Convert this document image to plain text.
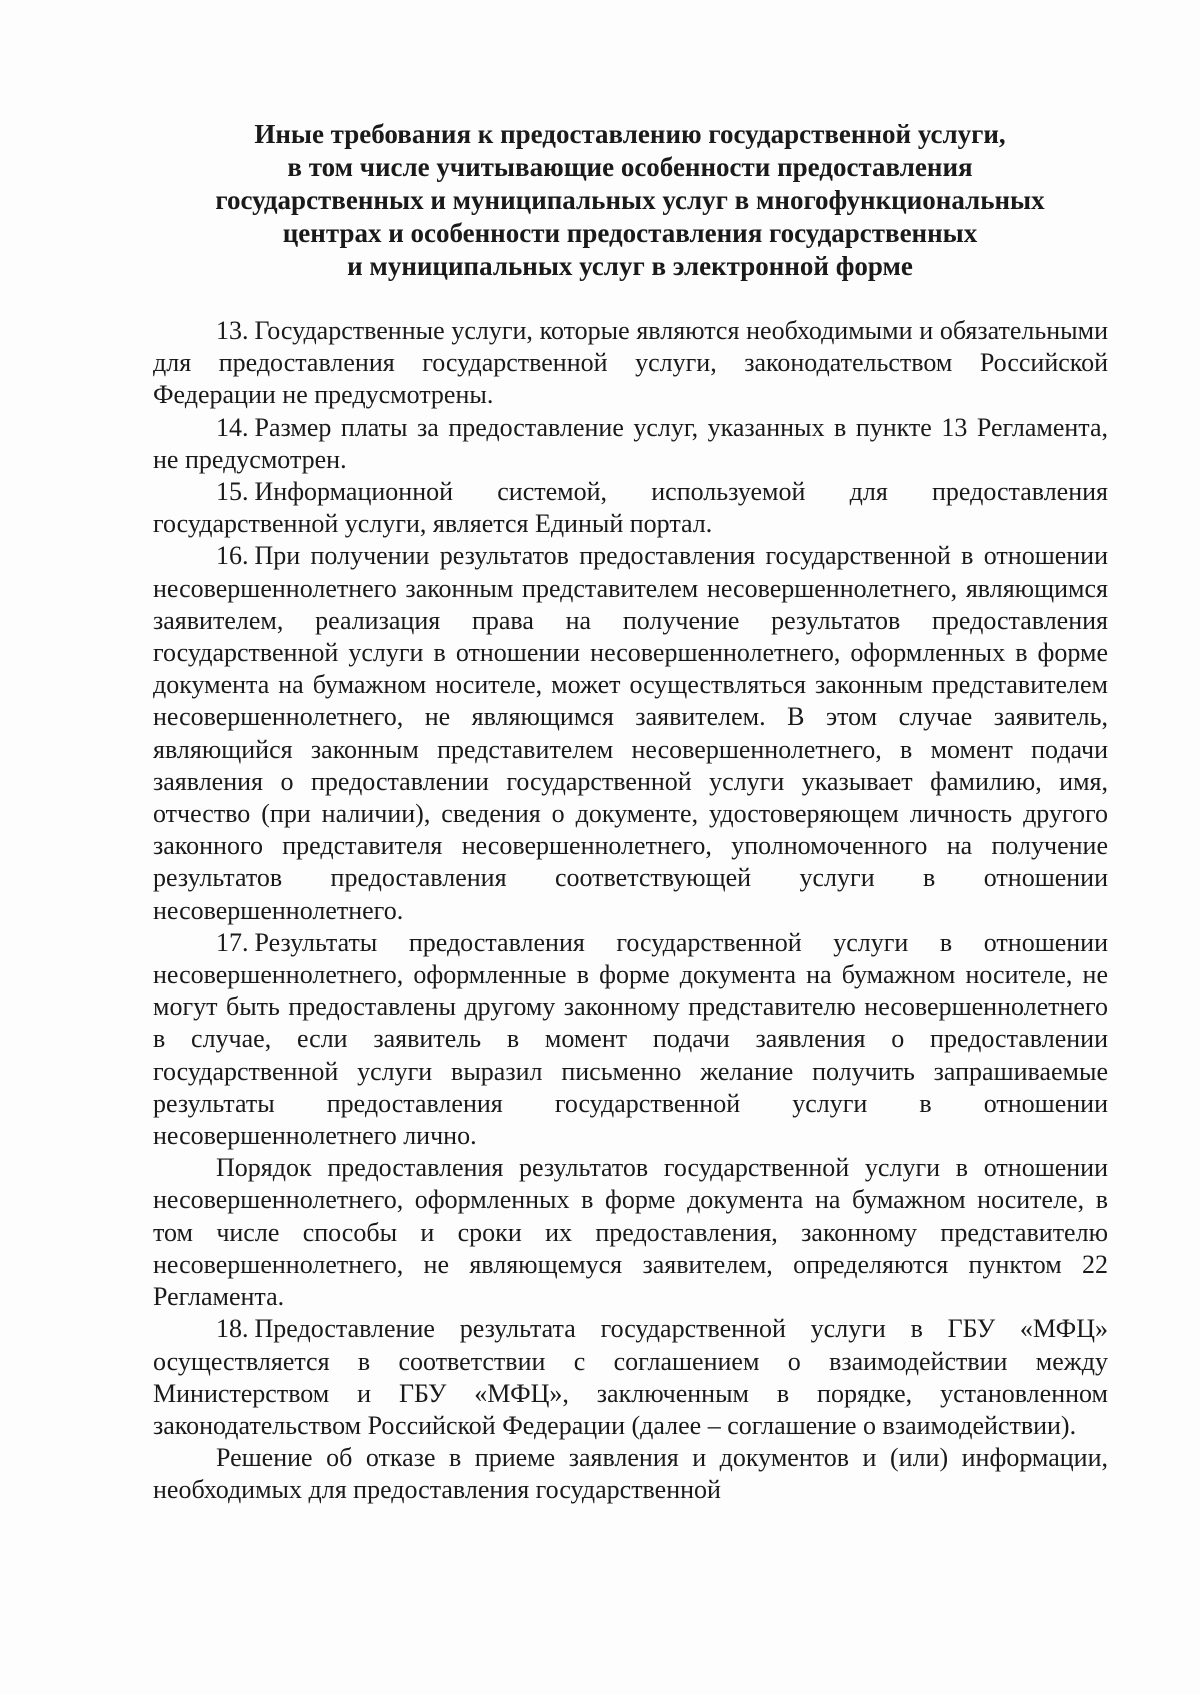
Иные требования к предоставлению государственной услуги,
в том числе учитывающие особенности предоставления
государственных и муниципальных услуг в многофункциональных
центрах и особенности предоставления государственных
и муниципальных услуг в электронной форме

13. Государственные услуги, которые являются необходимыми и обязательными для предоставления государственной услуги, законодательством Российской Федерации не предусмотрены.

14. Размер платы за предоставление услуг, указанных в пункте 13 Регламента, не предусмотрен.

15. Информационной системой, используемой для предоставления государственной услуги, является Единый портал.

16. При получении результатов предоставления государственной в отношении несовершеннолетнего законным представителем несовершеннолетнего, являющимся заявителем, реализация права на получение результатов предоставления государственной услуги в отношении несовершеннолетнего, оформленных в форме документа на бумажном носителе, может осуществляться законным представителем несовершеннолетнего, не являющимся заявителем. В этом случае заявитель, являющийся законным представителем несовершеннолетнего, в момент подачи заявления о предоставлении государственной услуги указывает фамилию, имя, отчество (при наличии), сведения о документе, удостоверяющем личность другого законного представителя несовершеннолетнего, уполномоченного на получение результатов предоставления соответствующей услуги в отношении несовершеннолетнего.

17. Результаты предоставления государственной услуги в отношении несовершеннолетнего, оформленные в форме документа на бумажном носителе, не могут быть предоставлены другому законному представителю несовершеннолетнего в случае, если заявитель в момент подачи заявления о предоставлении государственной услуги выразил письменно желание получить запрашиваемые результаты предоставления государственной услуги в отношении несовершеннолетнего лично.

Порядок предоставления результатов государственной услуги в отношении несовершеннолетнего, оформленных в форме документа на бумажном носителе, в том числе способы и сроки их предоставления, законному представителю несовершеннолетнего, не являющемуся заявителем, определяются пунктом 22 Регламента.

18. Предоставление результата государственной услуги в ГБУ «МФЦ» осуществляется в соответствии с соглашением о взаимодействии между Министерством и ГБУ «МФЦ», заключенным в порядке, установленном законодательством Российской Федерации (далее – соглашение о взаимодействии).

Решение об отказе в приеме заявления и документов и (или) информации, необходимых для предоставления государственной
